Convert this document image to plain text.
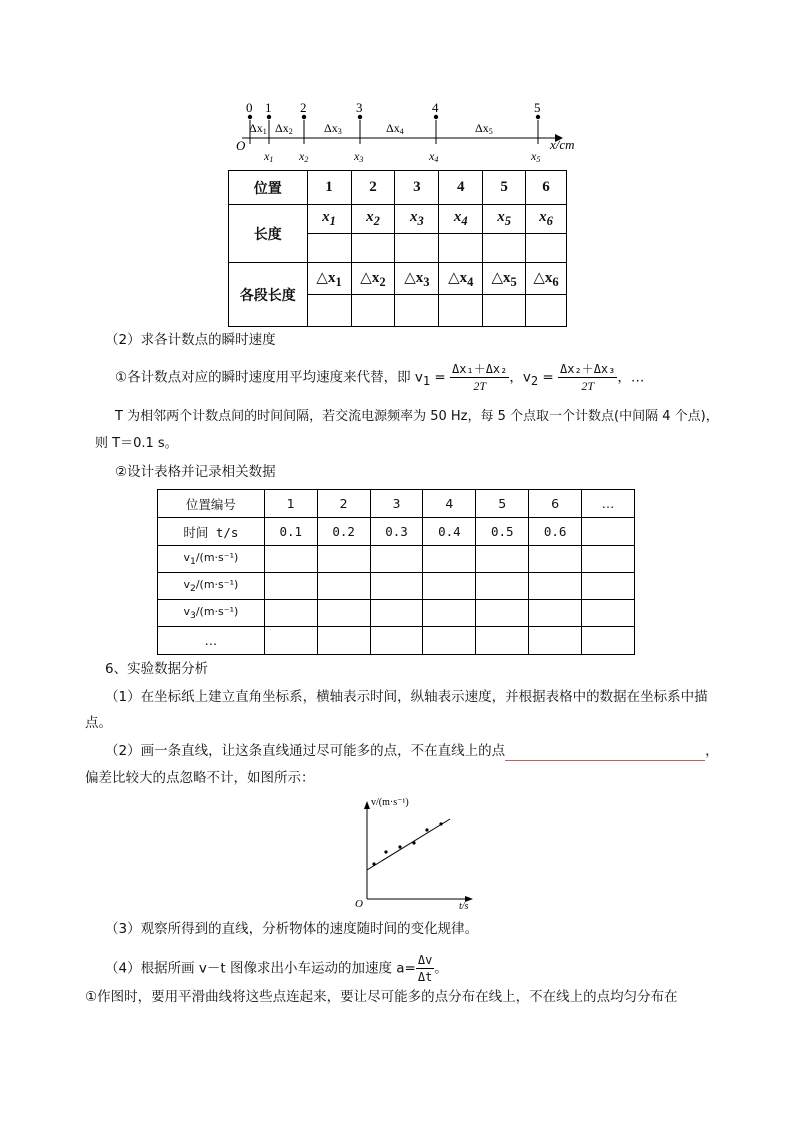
0 1 2	3	4	5
Δx1 Δx2	Δx3	Δx4	Δx5
O	x/cm
x1 x2	x3	x4	x5
位置	1	2	3	4	5	6
长度	$x_1$	$x_2$	$x_3$	$x_4$	$x_5$	$x_6$

各段长度	$\triangle x_1$	$\triangle x_2$	$\triangle x_3$	$\triangle x_4$	$\triangle x_5$	$\triangle x_6$

（2）求各计数点的瞬时速度
①各计数点对应的瞬时速度用平均速度来代替，即 $v_1 = \frac{\text{Δx₁＋Δx₂}}{2T}$ ，$v_2 = \frac{\text{Δx₂＋Δx₃}}{2T}$ ，…
T 为相邻两个计数点间的时间间隔，若交流电源频率为 50 Hz，每 5 个点取一个计数点(中间隔 4 个点)，
则 T＝0.1 s。
②设计表格并记录相关数据
位置编号	1	2	3	4	5	6	…
时间 t/s	0.1	0.2	0.3	0.4	0.5	0.6	
$v_1/(m\cdot s^{-1})$							
$v_2/(m\cdot s^{-1})$							
$v_3/(m\cdot s^{-1})$							
…							
6、实验数据分析
（1）在坐标纸上建立直角坐标系，横轴表示时间，纵轴表示速度，并根据表格中的数据在坐标系中描
点。
（2）画一条直线，让这条直线通过尽可能多的点，不在直线上的点	，
偏差比较大的点忽略不计，如图所示：
v/(m·s⁻¹)
t/s
O
（3）观察所得到的直线，分析物体的速度随时间的变化规律。
（4）根据所画 v－t 图像求出小车运动的加速度 $a= \frac{\Delta v}{\Delta t}$ 。
①作图时，要用平滑曲线将这些点连起来，要让尽可能多的点分布在线上，不在线上的点均匀分布在
